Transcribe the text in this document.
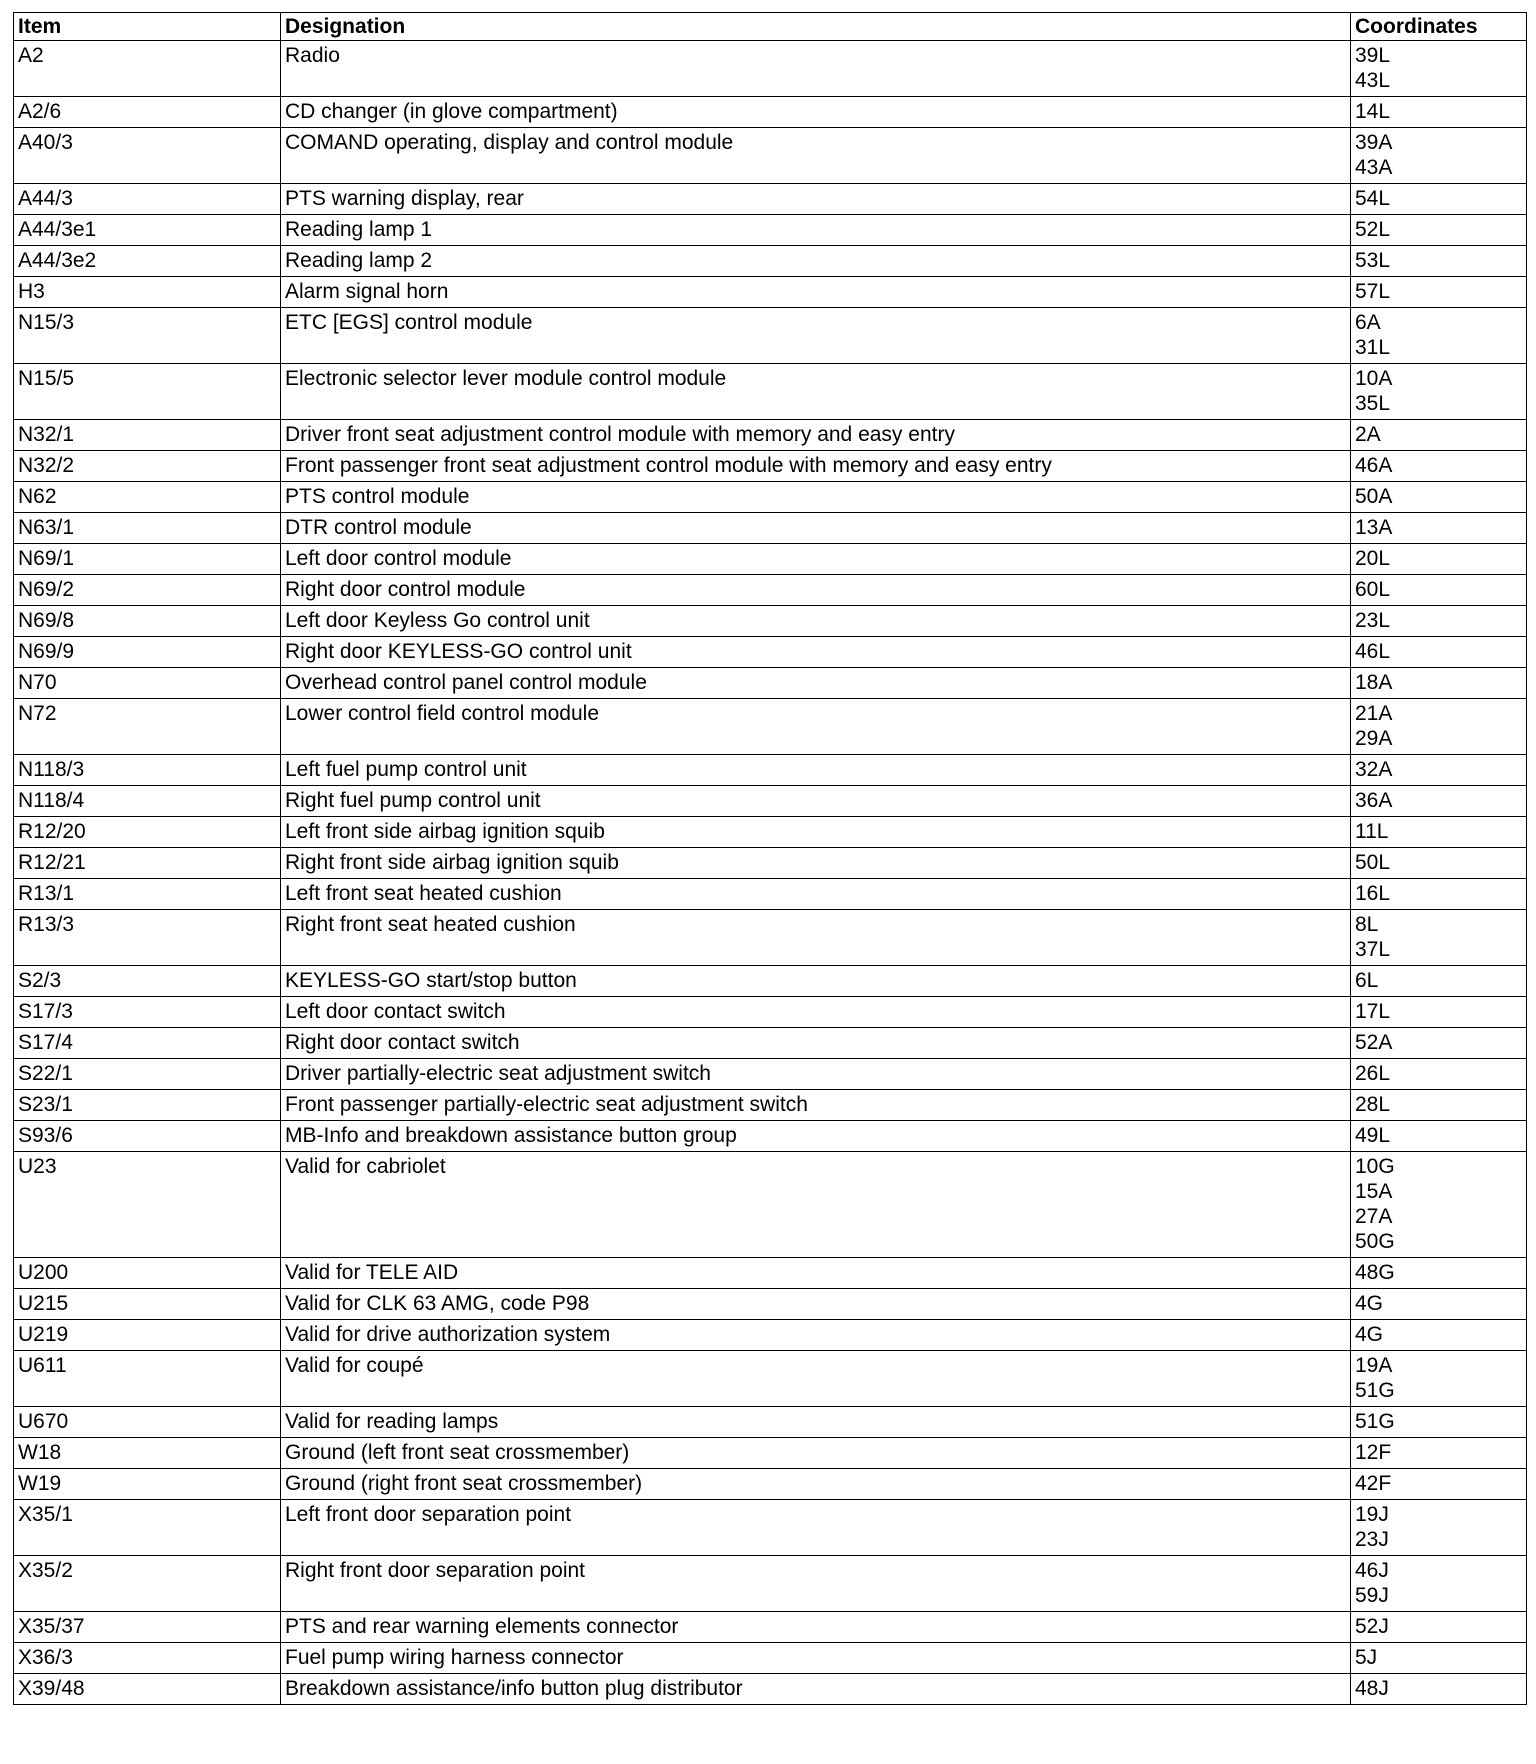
Item	Designation	Coordinates
A2	Radio	39L
43L

A2/6	CD changer (in glove compartment)	14L

A40/3	COMAND operating, display and control module	39A
43A

A44/3	PTS warning display, rear	54L

A44/3e1	Reading lamp 1	52L

A44/3e2	Reading lamp 2	53L

H3	Alarm signal horn	57L

N15/3	ETC [EGS] control module	6A
31L

N15/5	Electronic selector lever module control module	10A
35L

N32/1	Driver front seat adjustment control module with memory and easy entry	2A

N32/2	Front passenger front seat adjustment control module with memory and easy entry	46A

N62	PTS control module	50A

N63/1	DTR control module	13A

N69/1	Left door control module	20L

N69/2	Right door control module	60L

N69/8	Left door Keyless Go control unit	23L

N69/9	Right door KEYLESS-GO control unit	46L

N70	Overhead control panel control module	18A

N72	Lower control field control module	21A
29A

N118/3	Left fuel pump control unit	32A

N118/4	Right fuel pump control unit	36A

R12/20	Left front side airbag ignition squib	11L

R12/21	Right front side airbag ignition squib	50L

R13/1	Left front seat heated cushion	16L

R13/3	Right front seat heated cushion	8L
37L

S2/3	KEYLESS-GO start/stop button	6L

S17/3	Left door contact switch	17L

S17/4	Right door contact switch	52A

S22/1	Driver partially-electric seat adjustment switch	26L

S23/1	Front passenger partially-electric seat adjustment switch	28L

S93/6	MB-Info and breakdown assistance button group	49L

U23	Valid for cabriolet	10G
15A
27A
50G

U200	Valid for TELE AID	48G

U215	Valid for CLK 63 AMG, code P98	4G

U219	Valid for drive authorization system	4G

U611	Valid for coupé	19A
51G

U670	Valid for reading lamps	51G

W18	Ground (left front seat crossmember)	12F

W19	Ground (right front seat crossmember)	42F

X35/1	Left front door separation point	19J
23J

X35/2	Right front door separation point	46J
59J

X35/37	PTS and rear warning elements connector	52J

X36/3	Fuel pump wiring harness connector	5J

X39/48	Breakdown assistance/info button plug distributor	48J
